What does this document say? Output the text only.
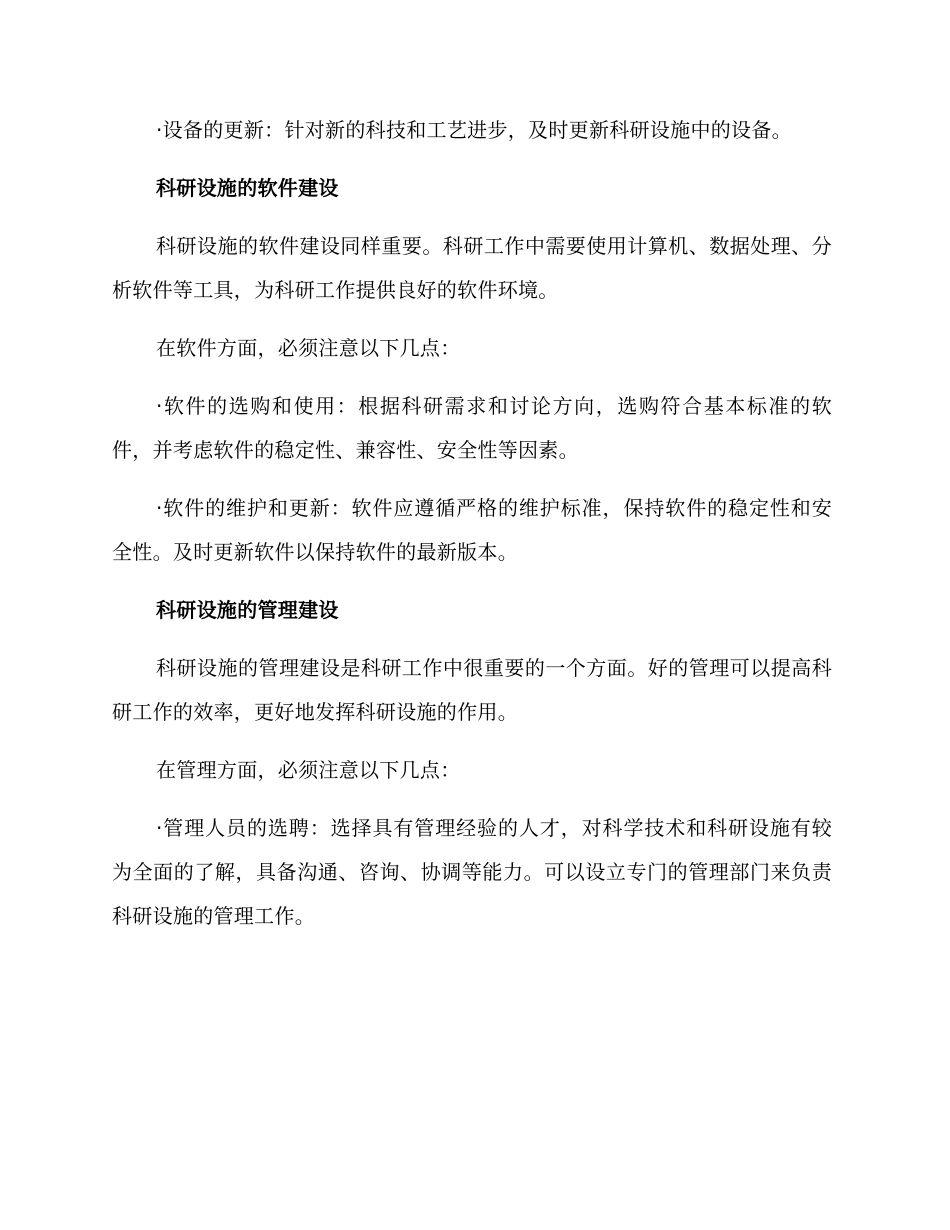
·设备的更新：针对新的科技和工艺进步，及时更新科研设施中的设备。

科研设施的软件建设

科研设施的软件建设同样重要。科研工作中需要使用计算机、数据处理、分析软件等工具，为科研工作提供良好的软件环境。

在软件方面，必须注意以下几点：

·软件的选购和使用：根据科研需求和讨论方向，选购符合基本标准的软件，并考虑软件的稳定性、兼容性、安全性等因素。

·软件的维护和更新：软件应遵循严格的维护标准，保持软件的稳定性和安全性。及时更新软件以保持软件的最新版本。

科研设施的管理建设

科研设施的管理建设是科研工作中很重要的一个方面。好的管理可以提高科研工作的效率，更好地发挥科研设施的作用。

在管理方面，必须注意以下几点：

·管理人员的选聘：选择具有管理经验的人才，对科学技术和科研设施有较为全面的了解，具备沟通、咨询、协调等能力。可以设立专门的管理部门来负责科研设施的管理工作。
